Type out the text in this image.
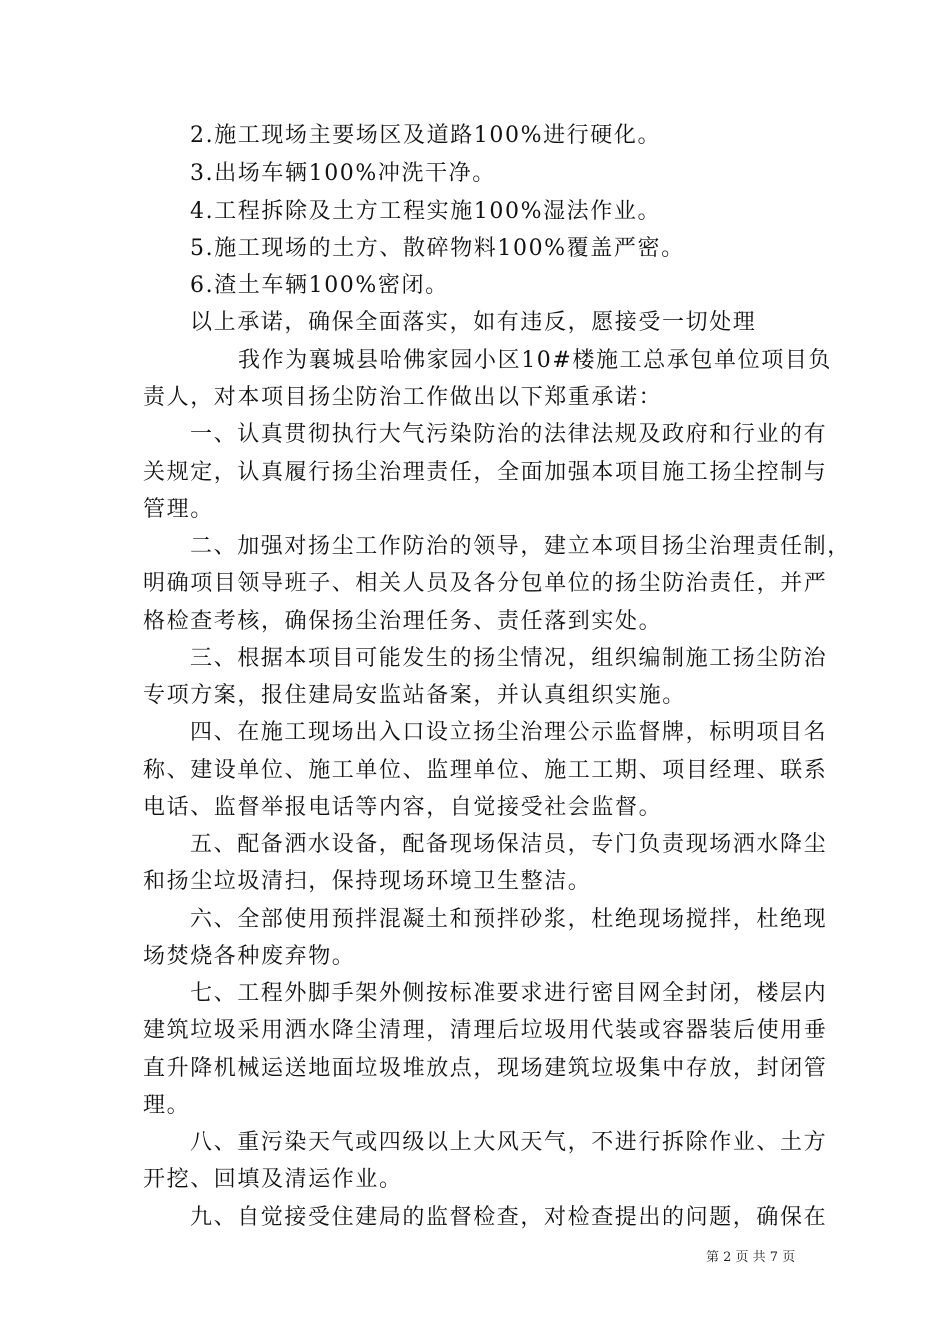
2.施工现场主要场区及道路100%进行硬化。
3.出场车辆100%冲洗干净。
4.工程拆除及土方工程实施100%湿法作业。
5.施工现场的土方、散碎物料100%覆盖严密。
6.渣土车辆100%密闭。
以上承诺，确保全面落实，如有违反，愿接受一切处理
我作为襄城县哈佛家园小区10#楼施工总承包单位项目负
责人，对本项目扬尘防治工作做出以下郑重承诺：
一、认真贯彻执行大气污染防治的法律法规及政府和行业的有
关规定，认真履行扬尘治理责任，全面加强本项目施工扬尘控制与
管理。
二、加强对扬尘工作防治的领导，建立本项目扬尘治理责任制，
明确项目领导班子、相关人员及各分包单位的扬尘防治责任，并严
格检查考核，确保扬尘治理任务、责任落到实处。
三、根据本项目可能发生的扬尘情况，组织编制施工扬尘防治
专项方案，报住建局安监站备案，并认真组织实施。
四、在施工现场出入口设立扬尘治理公示监督牌，标明项目名
称、建设单位、施工单位、监理单位、施工工期、项目经理、联系
电话、监督举报电话等内容，自觉接受社会监督。
五、配备洒水设备，配备现场保洁员，专门负责现场洒水降尘
和扬尘垃圾清扫，保持现场环境卫生整洁。
六、全部使用预拌混凝土和预拌砂浆，杜绝现场搅拌，杜绝现
场焚烧各种废弃物。
七、工程外脚手架外侧按标准要求进行密目网全封闭，楼层内
建筑垃圾采用洒水降尘清理，清理后垃圾用代装或容器装后使用垂
直升降机械运送地面垃圾堆放点，现场建筑垃圾集中存放，封闭管
理。
八、重污染天气或四级以上大风天气，不进行拆除作业、土方
开挖、回填及清运作业。
九、自觉接受住建局的监督检查，对检查提出的问题，确保在
第 2 页 共 7 页
